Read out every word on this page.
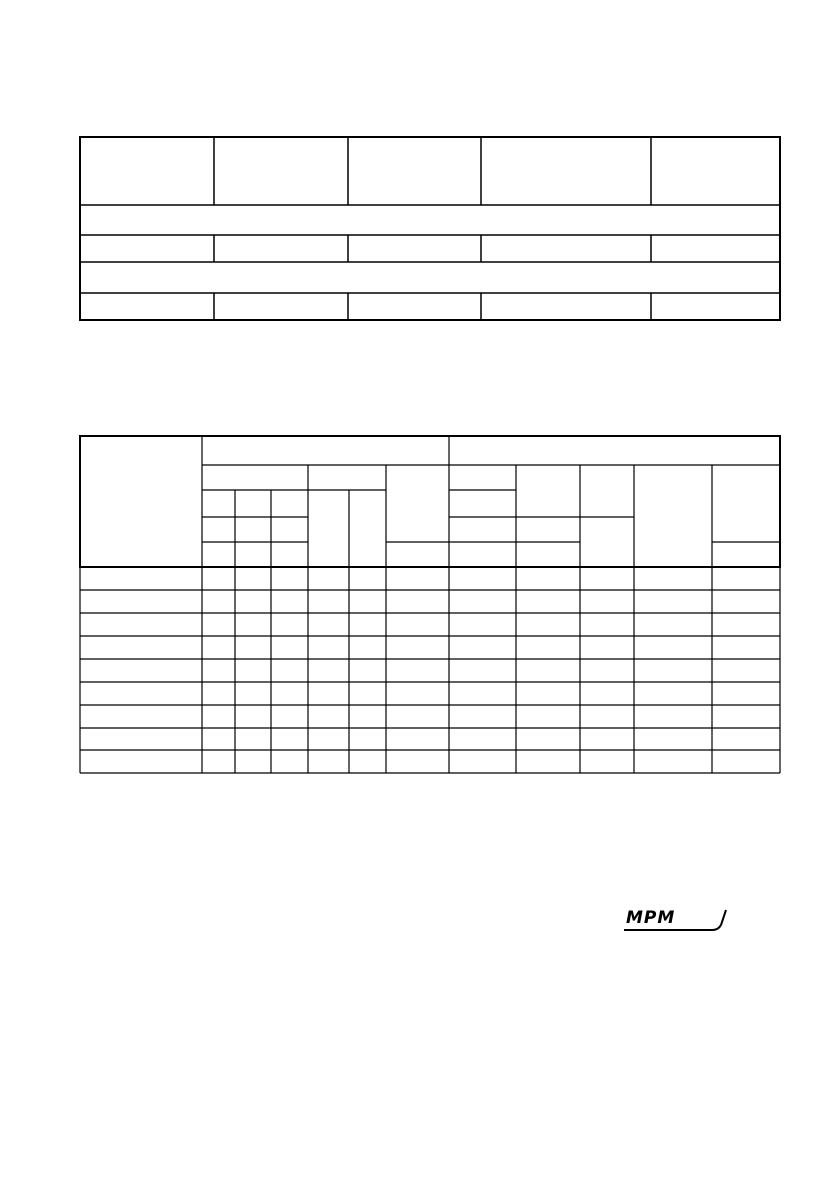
MPM
